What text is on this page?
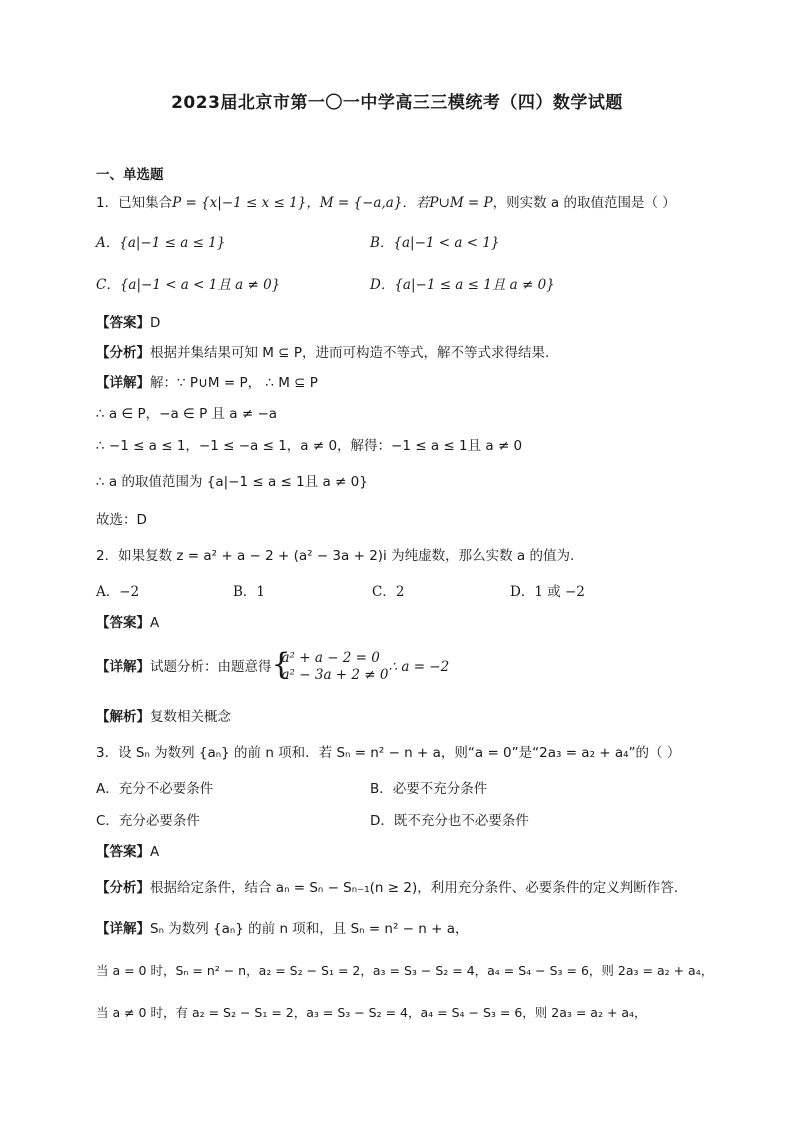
2023届北京市第一〇一中学高三三模统考（四）数学试题
一、单选题
1．已知集合P = {x|−1 ≤ x ≤ 1}，M = {−a,a}．若P∪M = P，则实数 a 的取值范围是（ ）
A．{a|−1 ≤ a ≤ 1}	B．{a|−1 < a < 1}
C．{a|−1 < a < 1且 a ≠ 0}	D．{a|−1 ≤ a ≤ 1且 a ≠ 0}
【答案】D
【分析】根据并集结果可知 M ⊆ P，进而可构造不等式，解不等式求得结果.
【详解】解：∵ P∪M = P， ∴ M ⊆ P
∴ a ∈ P，−a ∈ P 且 a ≠ −a
∴ −1 ≤ a ≤ 1，−1 ≤ −a ≤ 1，a ≠ 0，解得：−1 ≤ a ≤ 1且 a ≠ 0
∴ a 的取值范围为 {a|−1 ≤ a ≤ 1且 a ≠ 0}
故选：D
2．如果复数 z = a² + a − 2 + (a² − 3a + 2)i 为纯虚数，那么实数 a 的值为.
A．−2	B．1	C．2	D．1 或 −2
【答案】A
【详解】试题分析：由题意得 {
a² + a − 2 = 0
a² − 3a + 2 ≠ 0 ∴ a = −2
【解析】复数相关概念
3．设 Sₙ 为数列 {aₙ} 的前 n 项和．若 Sₙ = n² − n + a，则“a = 0”是“2a₃ = a₂ + a₄”的（ ）
A．充分不必要条件	B．必要不充分条件
C．充分必要条件	D．既不充分也不必要条件
【答案】A
【分析】根据给定条件，结合 aₙ = Sₙ − Sₙ₋₁(n ≥ 2)，利用充分条件、必要条件的定义判断作答.
【详解】Sₙ 为数列 {aₙ} 的前 n 项和，且 Sₙ = n² − n + a，
当 a = 0 时，Sₙ = n² − n，a₂ = S₂ − S₁ = 2，a₃ = S₃ − S₂ = 4，a₄ = S₄ − S₃ = 6，则 2a₃ = a₂ + a₄，
当 a ≠ 0 时，有 a₂ = S₂ − S₁ = 2，a₃ = S₃ − S₂ = 4，a₄ = S₄ − S₃ = 6，则 2a₃ = a₂ + a₄，
